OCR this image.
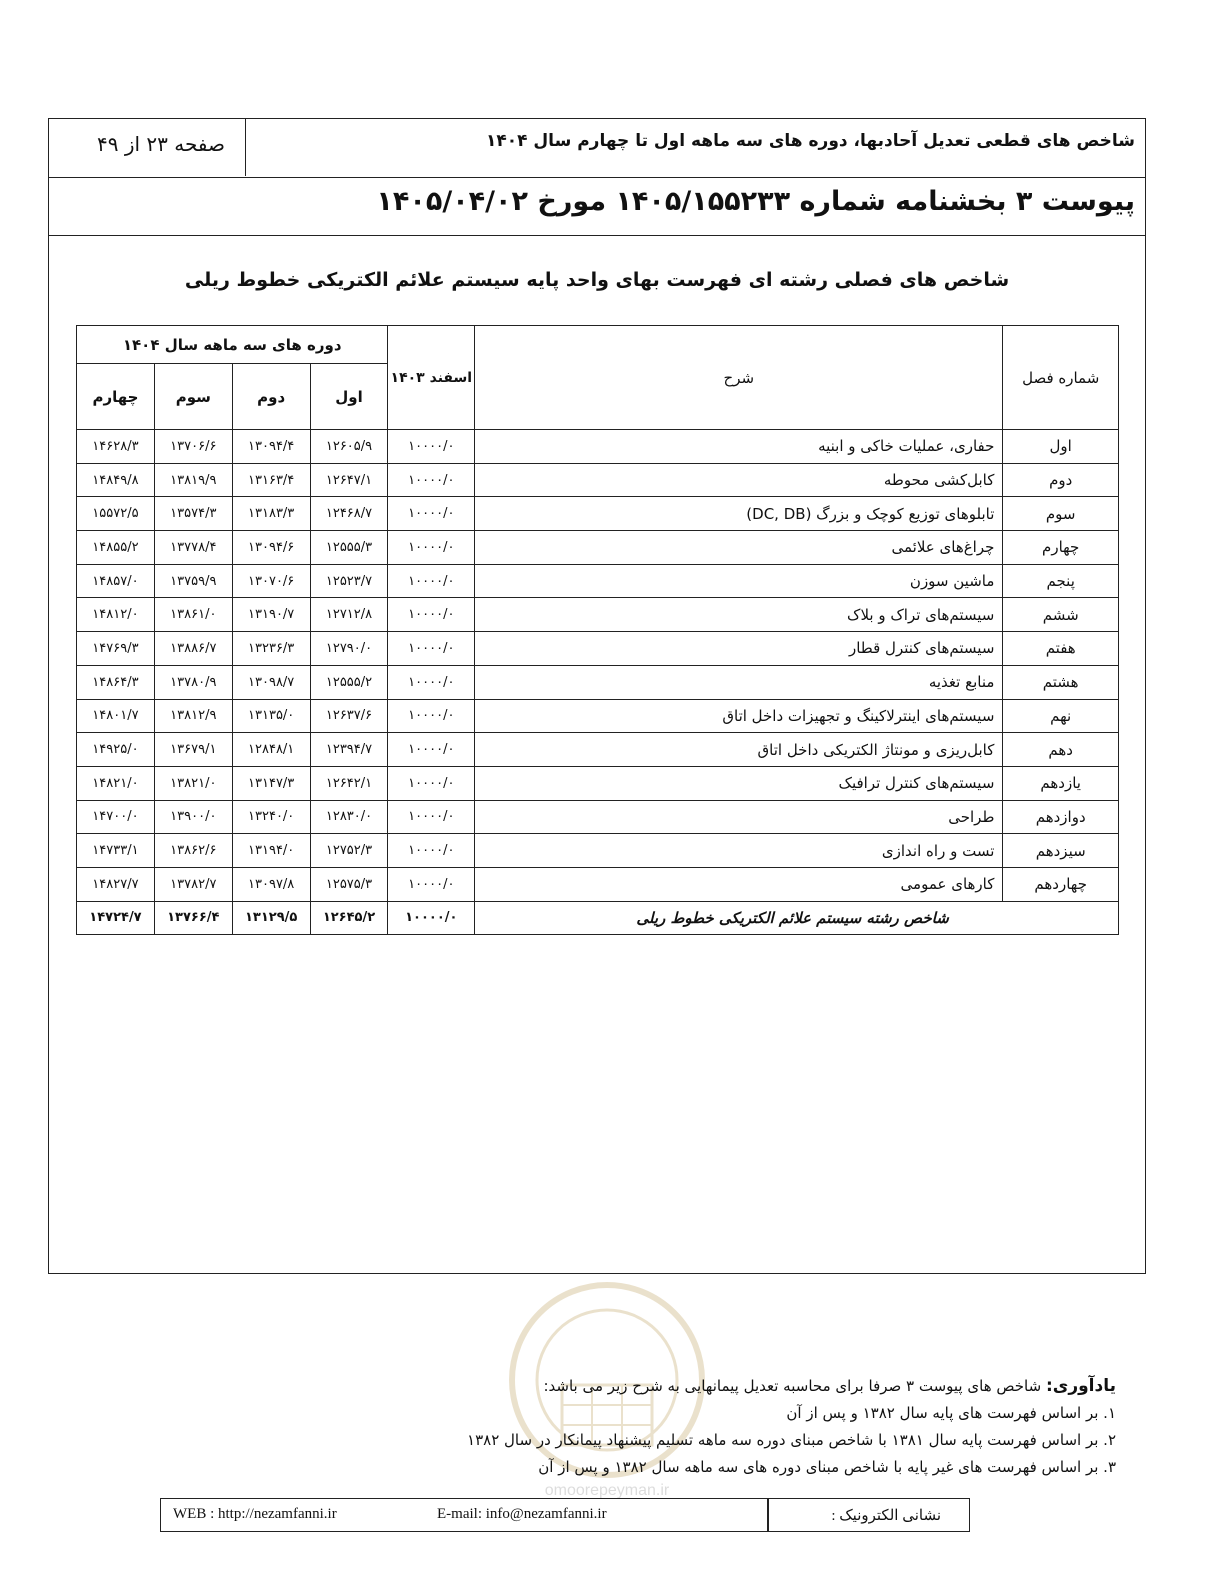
شاخص های قطعی تعدیل آحادبها، دوره های سه ماهه اول تا چهارم سال ۱۴۰۴
صفحه ۲۳ از ۴۹
پیوست ۳ بخشنامه شماره ۱۴۰۵/۱۵۵۲۳۳ مورخ ۱۴۰۵/۰۴/۰۲
شاخص های فصلی رشته ای فهرست بهای واحد پایه سیستم علائم الکتریکی خطوط ریلی
شماره فصل	شرح	اسفند ۱۴۰۳	دوره های سه ماهه سال ۱۴۰۴			
			اول	دوم	سوم	چهارم
اول	حفاری، عملیات خاکی و ابنیه	۱۰۰۰۰/۰	۱۲۶۰۵/۹	۱۳۰۹۴/۴	۱۳۷۰۶/۶	۱۴۶۲۸/۳
دوم	کابل‌کشی محوطه	۱۰۰۰۰/۰	۱۲۶۴۷/۱	۱۳۱۶۳/۴	۱۳۸۱۹/۹	۱۴۸۴۹/۸
سوم	تابلوهای توزیع کوچک و بزرگ (DC, DB)	۱۰۰۰۰/۰	۱۲۴۶۸/۷	۱۳۱۸۳/۳	۱۳۵۷۴/۳	۱۵۵۷۲/۵
چهارم	چراغ‌های علائمی	۱۰۰۰۰/۰	۱۲۵۵۵/۳	۱۳۰۹۴/۶	۱۳۷۷۸/۴	۱۴۸۵۵/۲
پنجم	ماشین سوزن	۱۰۰۰۰/۰	۱۲۵۲۳/۷	۱۳۰۷۰/۶	۱۳۷۵۹/۹	۱۴۸۵۷/۰
ششم	سیستم‌های تراک و بلاک	۱۰۰۰۰/۰	۱۲۷۱۲/۸	۱۳۱۹۰/۷	۱۳۸۶۱/۰	۱۴۸۱۲/۰
هفتم	سیستم‌های کنترل قطار	۱۰۰۰۰/۰	۱۲۷۹۰/۰	۱۳۲۳۶/۳	۱۳۸۸۶/۷	۱۴۷۶۹/۳
هشتم	منابع تغذیه	۱۰۰۰۰/۰	۱۲۵۵۵/۲	۱۳۰۹۸/۷	۱۳۷۸۰/۹	۱۴۸۶۴/۳
نهم	سیستم‌های اینترلاکینگ و تجهیزات داخل اتاق	۱۰۰۰۰/۰	۱۲۶۳۷/۶	۱۳۱۳۵/۰	۱۳۸۱۲/۹	۱۴۸۰۱/۷
دهم	کابل‌ریزی و مونتاژ الکتریکی داخل اتاق	۱۰۰۰۰/۰	۱۲۳۹۴/۷	۱۲۸۴۸/۱	۱۳۶۷۹/۱	۱۴۹۲۵/۰
یازدهم	سیستم‌های کنترل ترافیک	۱۰۰۰۰/۰	۱۲۶۴۲/۱	۱۳۱۴۷/۳	۱۳۸۲۱/۰	۱۴۸۲۱/۰
دوازدهم	طراحی	۱۰۰۰۰/۰	۱۲۸۳۰/۰	۱۳۲۴۰/۰	۱۳۹۰۰/۰	۱۴۷۰۰/۰
سیزدهم	تست و راه اندازی	۱۰۰۰۰/۰	۱۲۷۵۲/۳	۱۳۱۹۴/۰	۱۳۸۶۲/۶	۱۴۷۳۳/۱
چهاردهم	کارهای عمومی	۱۰۰۰۰/۰	۱۲۵۷۵/۳	۱۳۰۹۷/۸	۱۳۷۸۲/۷	۱۴۸۲۷/۷
شاخص رشته سیستم علائم الکتریکی خطوط ریلی		۱۰۰۰۰/۰	۱۲۶۴۵/۲	۱۳۱۲۹/۵	۱۳۷۶۶/۴	۱۴۷۲۴/۷
omoorepeyman.ir
یادآوری: شاخص های پیوست ۳ صرفا برای محاسبه تعدیل پیمانهایی به شرح زیر می باشد:
۱. بر اساس فهرست های پایه سال ۱۳۸۲ و پس از آن
۲. بر اساس فهرست پایه سال ۱۳۸۱ با شاخص مبنای دوره سه ماهه تسلیم پیشنهاد پیمانکار در سال ۱۳۸۲
۳. بر اساس فهرست های غیر پایه با شاخص مبنای دوره های سه ماهه سال ۱۳۸۲ و پس از آن
WEB : http://nezamfanni.ir	E-mail: info@nezamfanni.ir	نشانی الکترونیک :
